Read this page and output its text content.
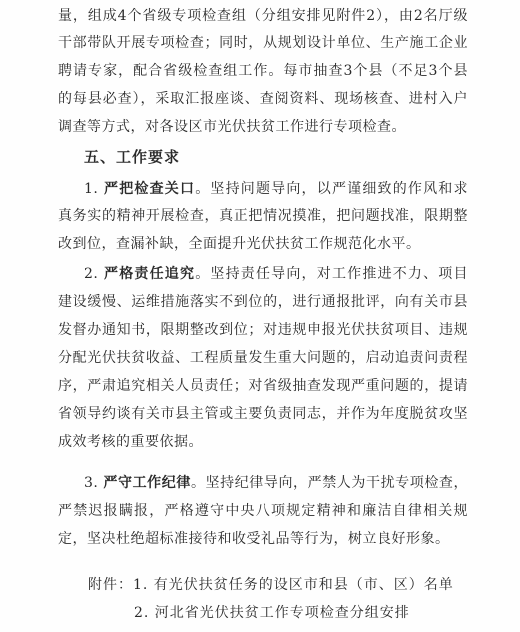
量，组成4个省级专项检查组（分组安排见附件2），由2名厅级
干部带队开展专项检查；同时，从规划设计单位、生产施工企业
聘请专家，配合省级检查组工作。每市抽查3个县（不足3个县
的每县必查），采取汇报座谈、查阅资料、现场核查、进村入户
调查等方式，对各设区市光伏扶贫工作进行专项检查。
五、工作要求
1. 严把检查关口。坚持问题导向，以严谨细致的作风和求
真务实的精神开展检查，真正把情况摸准，把问题找准，限期整
改到位，查漏补缺，全面提升光伏扶贫工作规范化水平。
2. 严格责任追究。坚持责任导向，对工作推进不力、项目
建设缓慢、运维措施落实不到位的，进行通报批评，向有关市县
发督办通知书，限期整改到位；对违规申报光伏扶贫项目、违规
分配光伏扶贫收益、工程质量发生重大问题的，启动追责问责程
序，严肃追究相关人员责任；对省级抽查发现严重问题的，提请
省领导约谈有关市县主管或主要负责同志，并作为年度脱贫攻坚
成效考核的重要依据。
3. 严守工作纪律。坚持纪律导向，严禁人为干扰专项检查，
严禁迟报瞒报，严格遵守中央八项规定精神和廉洁自律相关规
定，坚决杜绝超标准接待和收受礼品等行为，树立良好形象。
附件：1. 有光伏扶贫任务的设区市和县（市、区）名单
2. 河北省光伏扶贫工作专项检查分组安排
